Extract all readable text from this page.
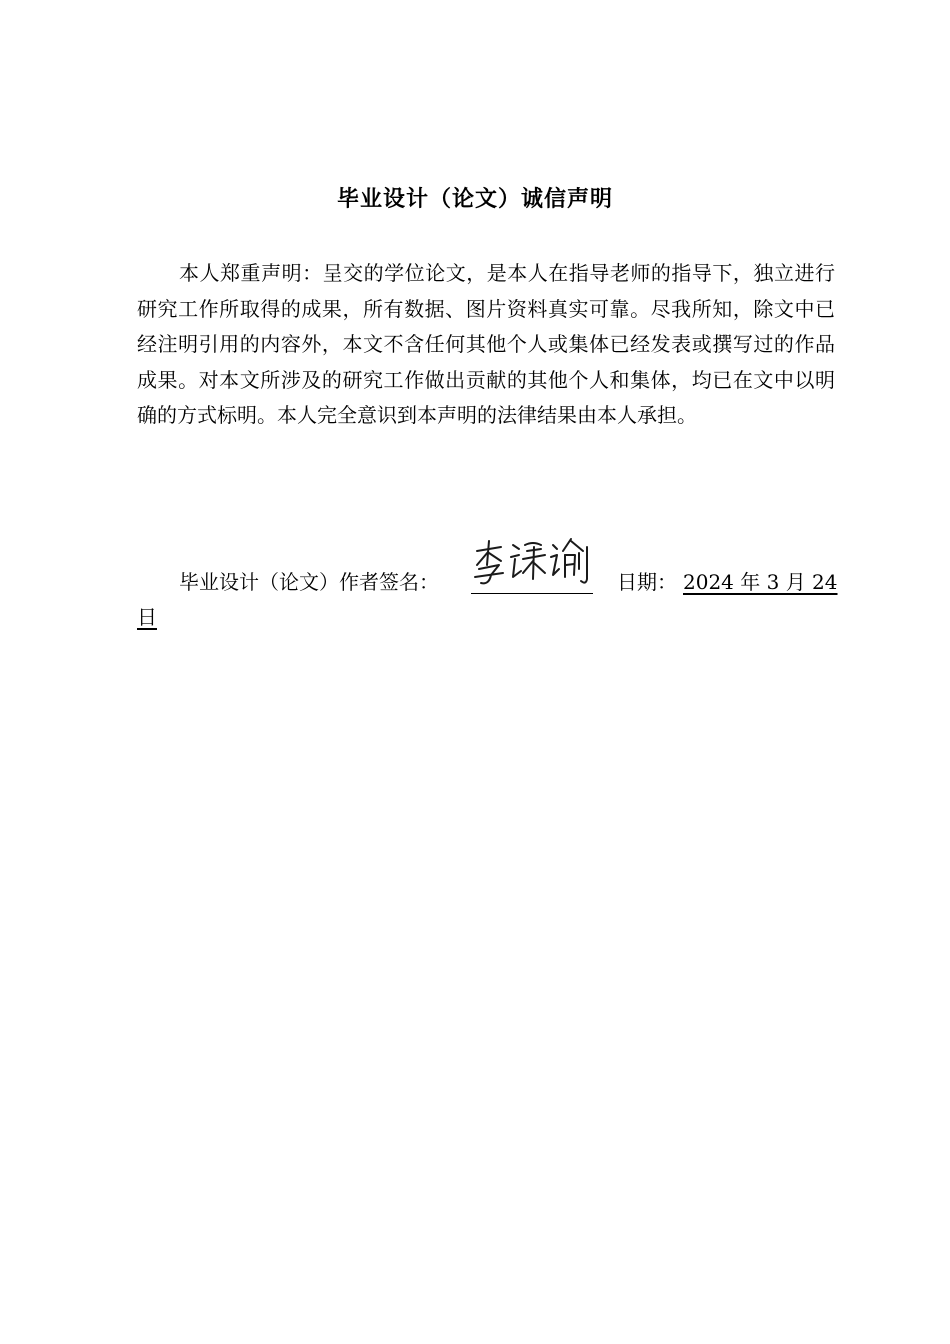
毕业设计（论文）诚信声明

本人郑重声明：呈交的学位论文，是本人在指导老师的指导下，独立进行研究工作所取得的成果，所有数据、图片资料真实可靠。尽我所知，除文中已经注明引用的内容外，本文不含任何其他个人或集体已经发表或撰写过的作品成果。对本文所涉及的研究工作做出贡献的其他个人和集体，均已在文中以明确的方式标明。本人完全意识到本声明的法律结果由本人承担。

毕业设计（论文）作者签名：	日期： 2024 年 3 月 24
日
